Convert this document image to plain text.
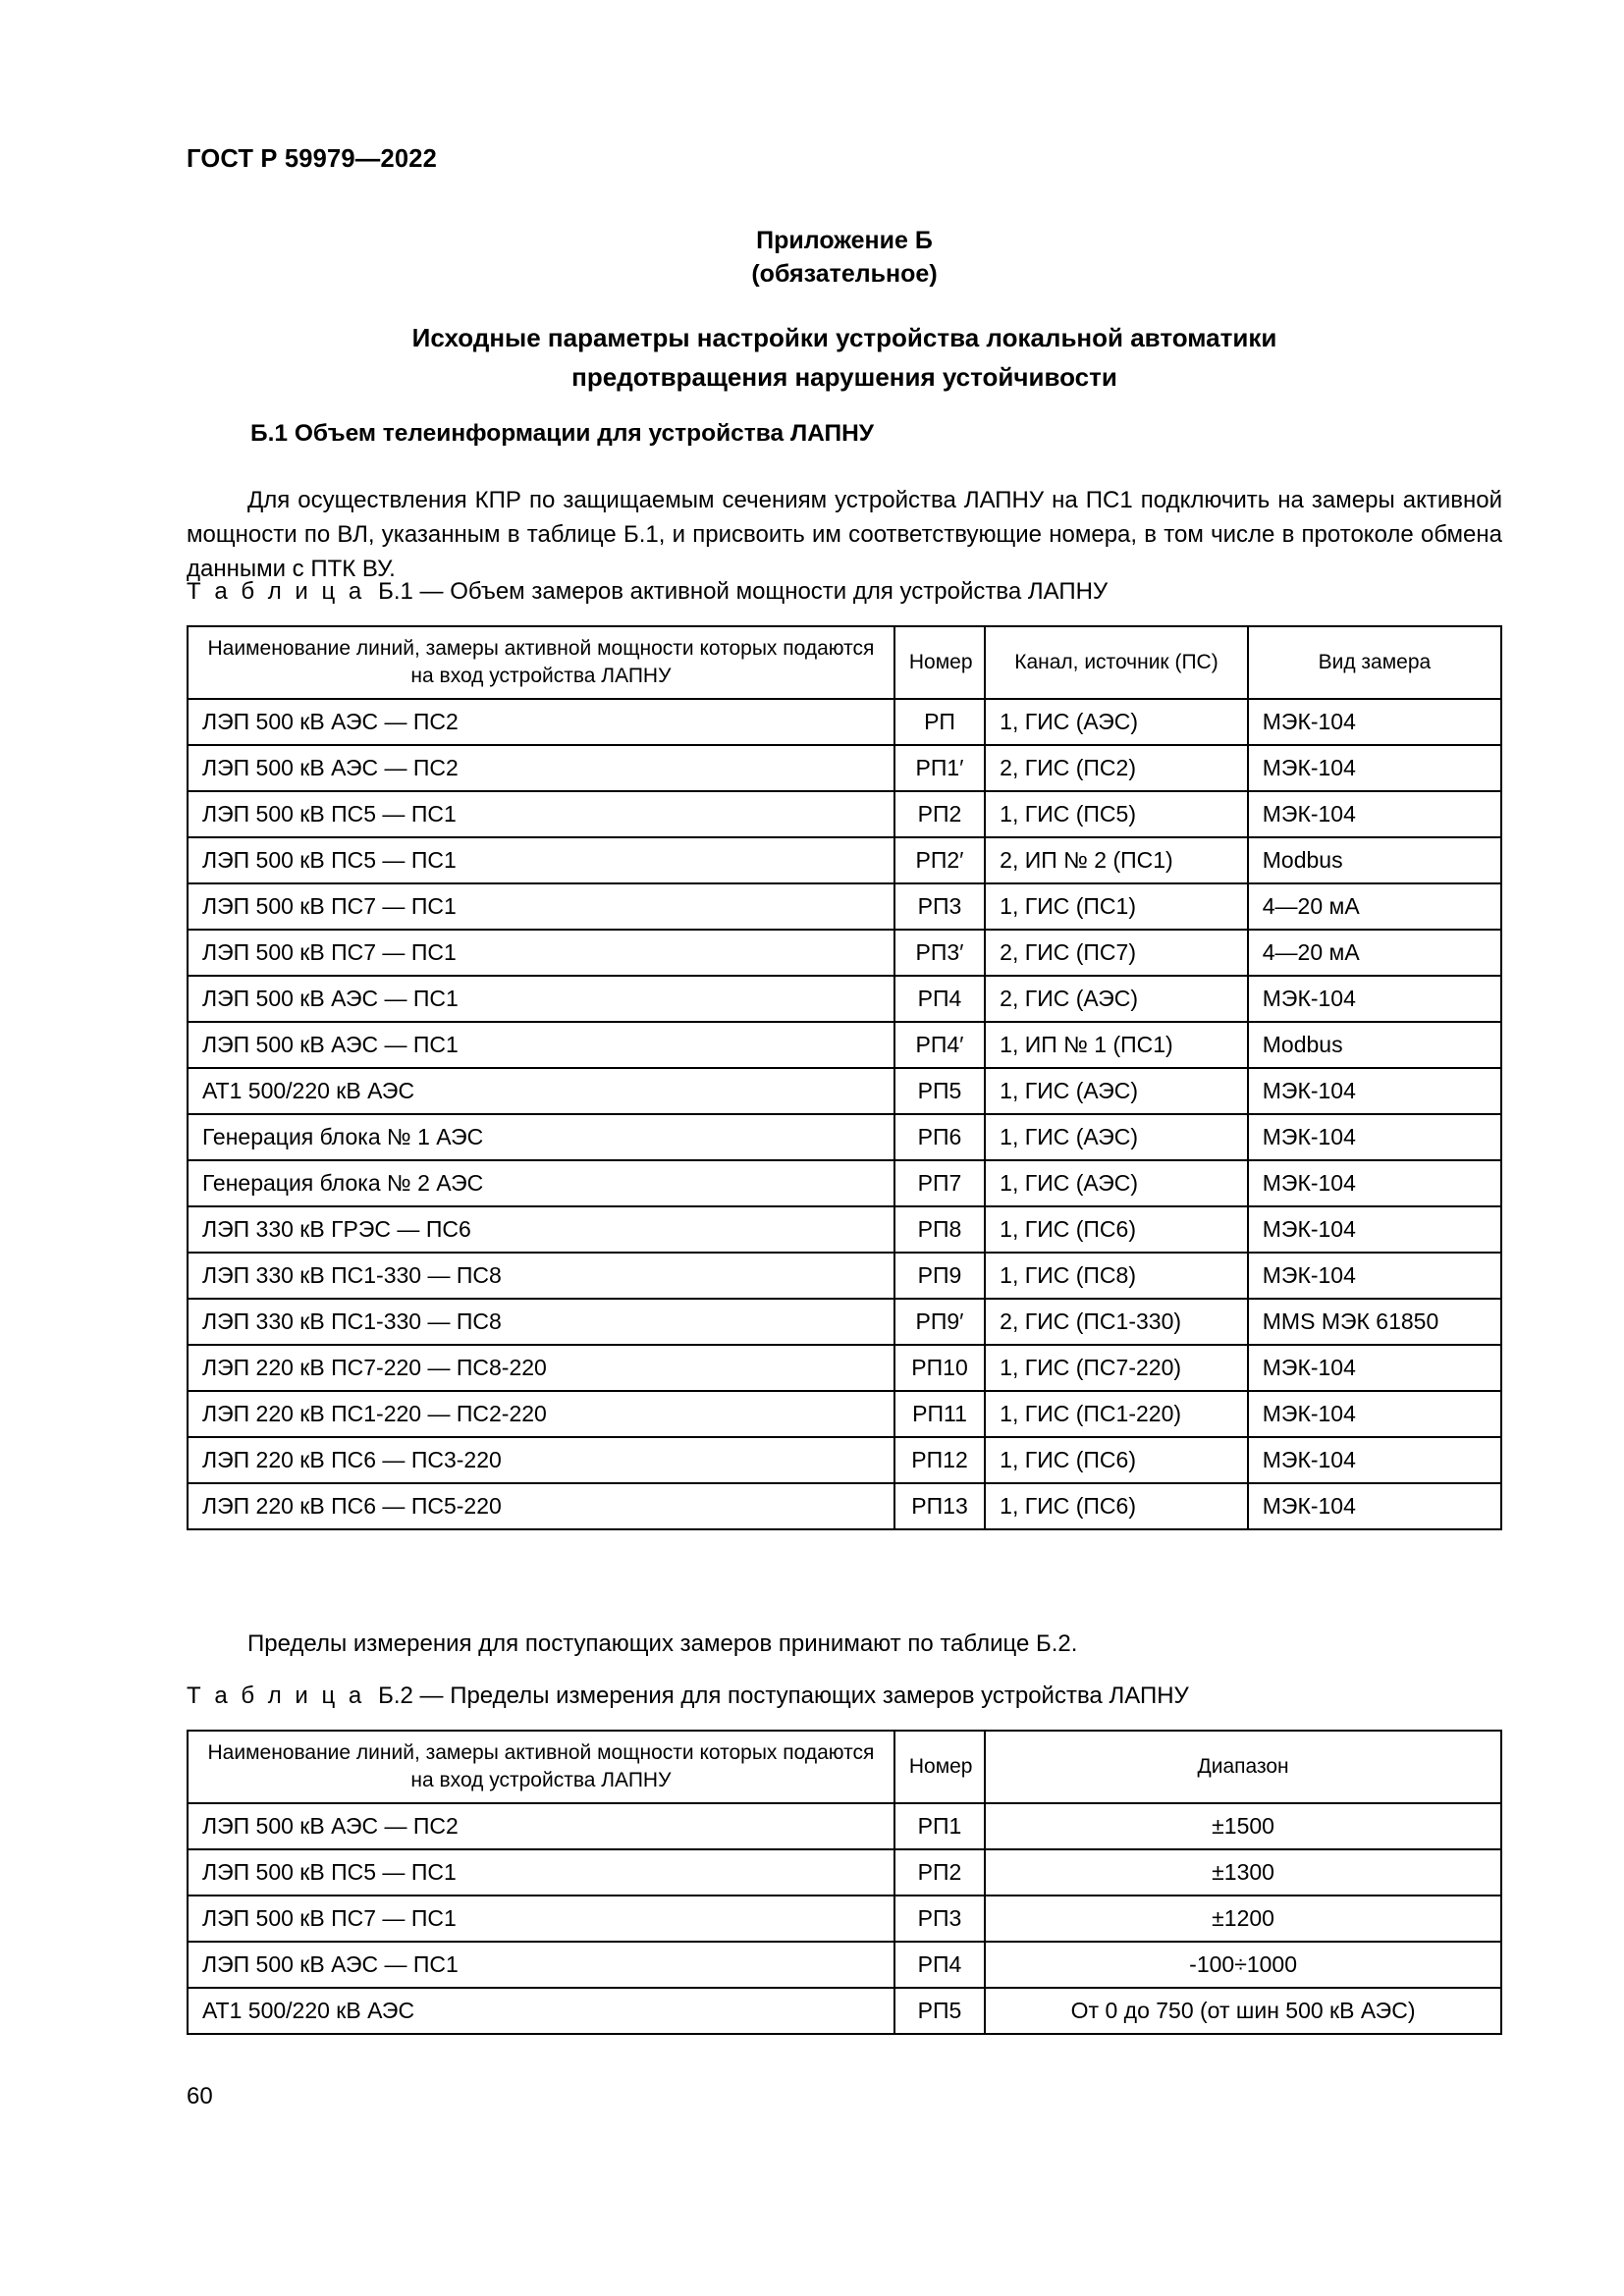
ГОСТ Р 59979—2022
Приложение Б
(обязательное)
Исходные параметры настройки устройства локальной автоматики
предотвращения нарушения устойчивости
Б.1 Объем телеинформации для устройства ЛАПНУ

Для осуществления КПР по защищаемым сечениям устройства ЛАПНУ на ПС1 подключить на замеры активной мощности по ВЛ, указанным в таблице Б.1, и присвоить им соответствующие номера, в том числе в протоколе обмена данными с ПТК ВУ.

Т а б л и ц а Б.1 — Объем замеров активной мощности для устройства ЛАПНУ
Наименование линий, замеры активной мощности которых подаются
на вход устройства ЛАПНУ	Номер	Канал, источник (ПС)	Вид замера
ЛЭП 500 кВ АЭС — ПС2	РП	1, ГИС (АЭС)	МЭК-104
ЛЭП 500 кВ АЭС — ПС2	РП1′	2, ГИС (ПС2)	МЭК-104
ЛЭП 500 кВ ПС5 — ПС1	РП2	1, ГИС (ПС5)	МЭК-104
ЛЭП 500 кВ ПС5 — ПС1	РП2′	2, ИП № 2 (ПС1)	Modbus
ЛЭП 500 кВ ПС7 — ПС1	РП3	1, ГИС (ПС1)	4—20 мА
ЛЭП 500 кВ ПС7 — ПС1	РП3′	2, ГИС (ПС7)	4—20 мА
ЛЭП 500 кВ АЭС — ПС1	РП4	2, ГИС (АЭС)	МЭК-104
ЛЭП 500 кВ АЭС — ПС1	РП4′	1, ИП № 1 (ПС1)	Modbus
АТ1 500/220 кВ АЭС	РП5	1, ГИС (АЭС)	МЭК-104
Генерация блока № 1 АЭС	РП6	1, ГИС (АЭС)	МЭК-104
Генерация блока № 2 АЭС	РП7	1, ГИС (АЭС)	МЭК-104
ЛЭП 330 кВ ГРЭС — ПС6	РП8	1, ГИС (ПС6)	МЭК-104
ЛЭП 330 кВ ПС1-330 — ПС8	РП9	1, ГИС (ПС8)	МЭК-104
ЛЭП 330 кВ ПС1-330 — ПС8	РП9′	2, ГИС (ПС1-330)	MMS МЭК 61850
ЛЭП 220 кВ ПС7-220 — ПС8-220	РП10	1, ГИС (ПС7-220)	МЭК-104
ЛЭП 220 кВ ПС1-220 — ПС2-220	РП11	1, ГИС (ПС1-220)	МЭК-104
ЛЭП 220 кВ ПС6 — ПС3-220	РП12	1, ГИС (ПС6)	МЭК-104
ЛЭП 220 кВ ПС6 — ПС5-220	РП13	1, ГИС (ПС6)	МЭК-104

Пределы измерения для поступающих замеров принимают по таблице Б.2.

Т а б л и ц а Б.2 — Пределы измерения для поступающих замеров устройства ЛАПНУ
Наименование линий, замеры активной мощности которых подаются
на вход устройства ЛАПНУ	Номер	Диапазон
ЛЭП 500 кВ АЭС — ПС2	РП1	±1500
ЛЭП 500 кВ ПС5 — ПС1	РП2	±1300
ЛЭП 500 кВ ПС7 — ПС1	РП3	±1200
ЛЭП 500 кВ АЭС — ПС1	РП4	-100÷1000
АТ1 500/220 кВ АЭС	РП5	От 0 до 750 (от шин 500 кВ АЭС)
60
